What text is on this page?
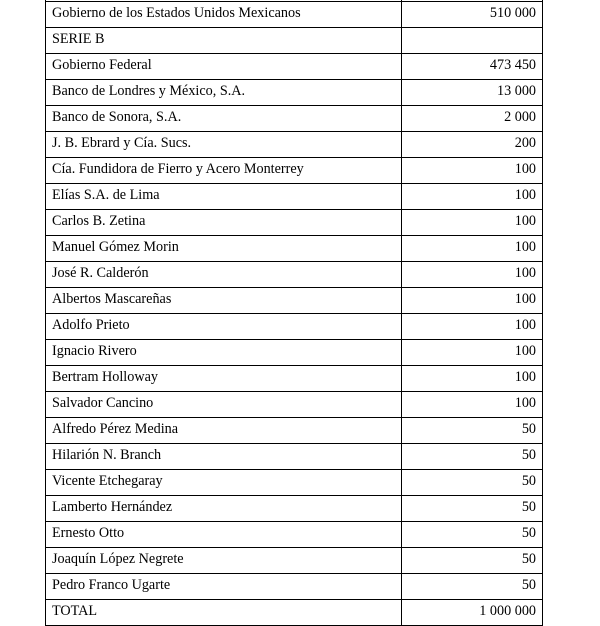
Gobierno de los Estados Unidos Mexicanos	510 000
SERIE B	
Gobierno Federal	473 450
Banco de Londres y México, S.A.	13 000
Banco de Sonora, S.A.	2 000
J. B. Ebrard y Cía. Sucs.	200
Cía. Fundidora de Fierro y Acero Monterrey	100
Elías S.A. de Lima	100
Carlos B. Zetina	100
Manuel Gómez Morin	100
José R. Calderón	100
Albertos Mascareñas	100
Adolfo Prieto	100
Ignacio Rivero	100
Bertram Holloway	100
Salvador Cancino	100
Alfredo Pérez Medina	50
Hilarión N. Branch	50
Vicente Etchegaray	50
Lamberto Hernández	50
Ernesto Otto	50
Joaquín López Negrete	50
Pedro Franco Ugarte	50
TOTAL	1 000 000
